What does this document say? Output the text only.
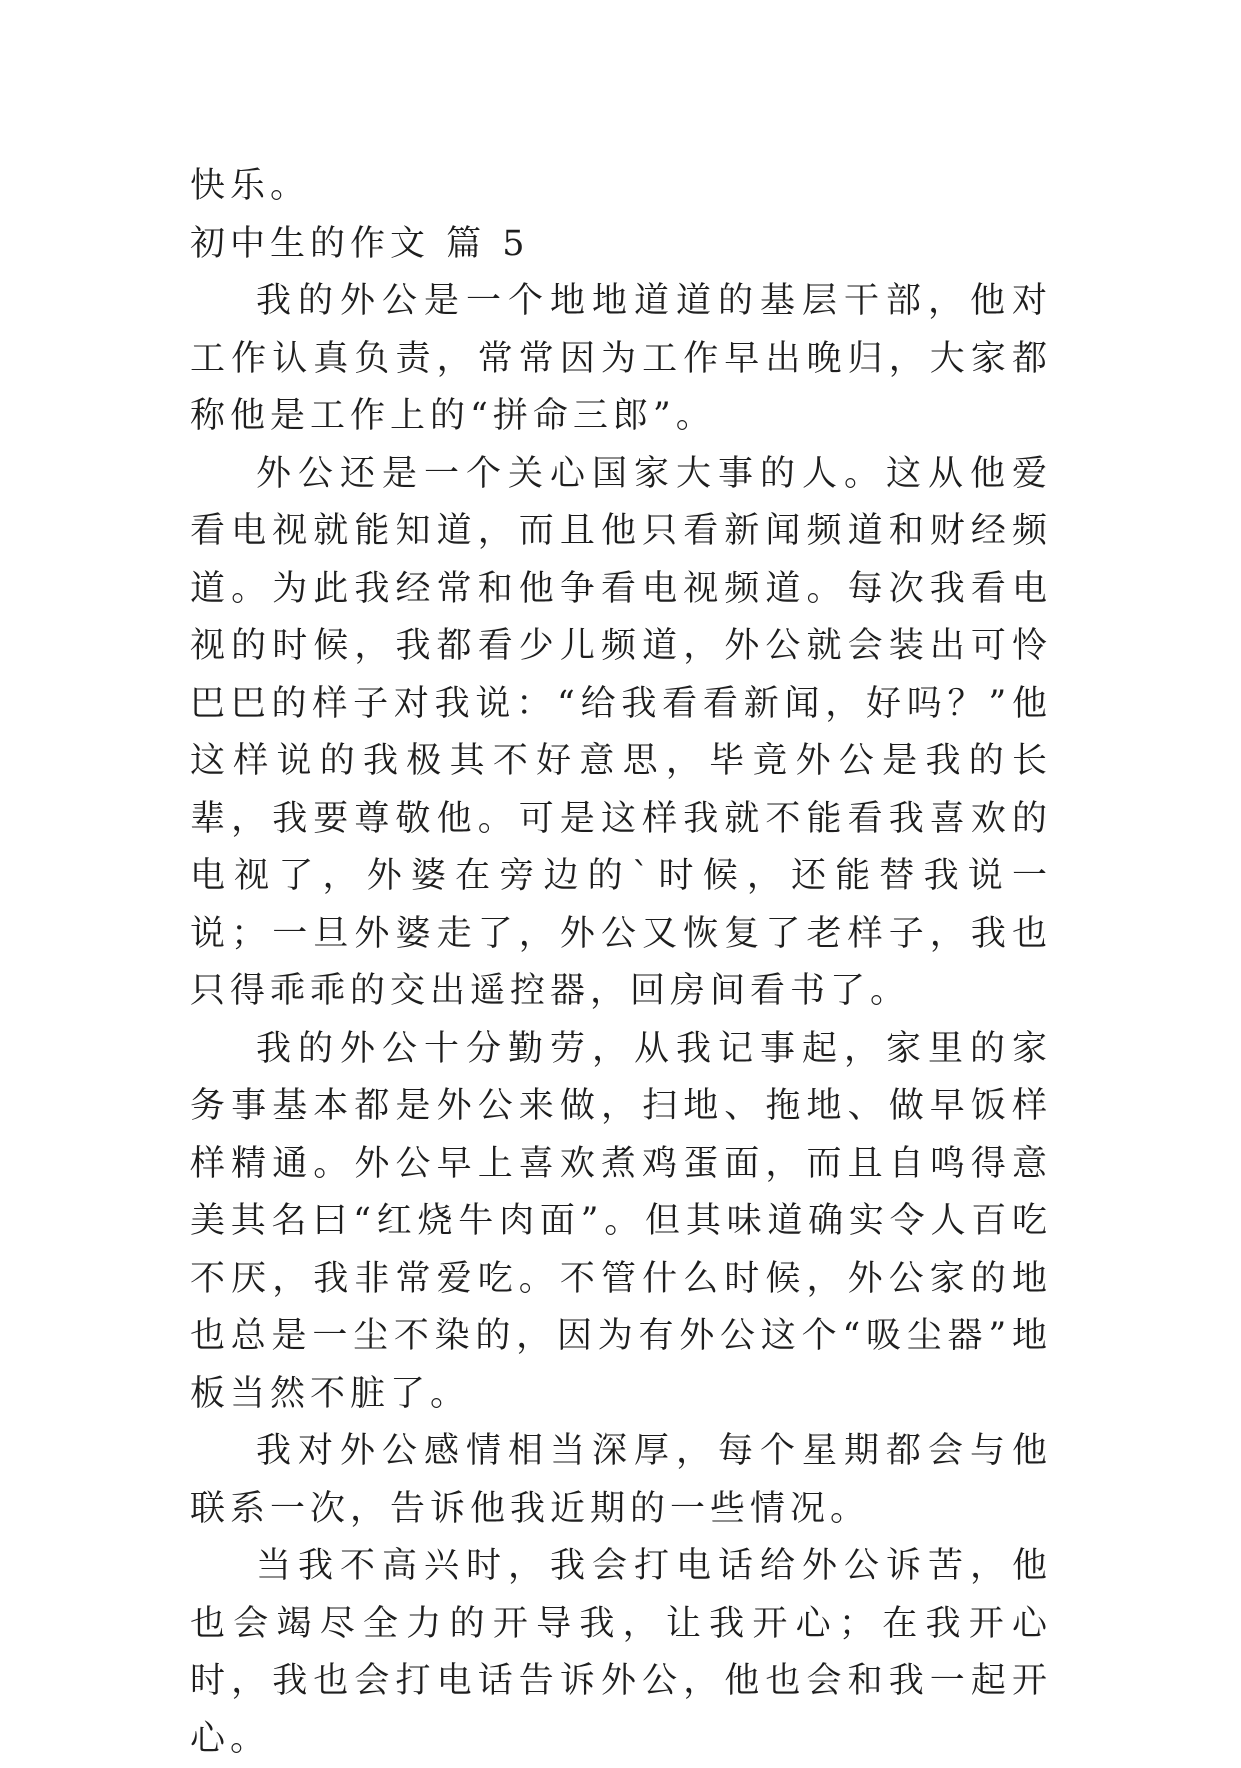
快乐。
初中生的作文 篇 5
我的外公是一个地地道道的基层干部，他对工作认真负责，常常因为工作早出晚归，大家都称他是工作上的“拼命三郎”。
外公还是一个关心国家大事的人。这从他爱看电视就能知道，而且他只看新闻频道和财经频道。为此我经常和他争看电视频道。每次我看电视的时候，我都看少儿频道，外公就会装出可怜巴巴的样子对我说：“给我看看新闻，好吗？”他这样说的我极其不好意思，毕竟外公是我的长辈，我要尊敬他。可是这样我就不能看我喜欢的电视了，外婆在旁边的`时候，还能替我说一说；一旦外婆走了，外公又恢复了老样子，我也只得乖乖的交出遥控器，回房间看书了。
我的外公十分勤劳，从我记事起，家里的家务事基本都是外公来做，扫地、拖地、做早饭样样精通。外公早上喜欢煮鸡蛋面，而且自鸣得意美其名曰“红烧牛肉面”。但其味道确实令人百吃不厌，我非常爱吃。不管什么时候，外公家的地也总是一尘不染的，因为有外公这个“吸尘器”地板当然不脏了。
我对外公感情相当深厚，每个星期都会与他联系一次，告诉他我近期的一些情况。
当我不高兴时，我会打电话给外公诉苦，他也会竭尽全力的开导我，让我开心；在我开心时，我也会打电话告诉外公，他也会和我一起开心。
